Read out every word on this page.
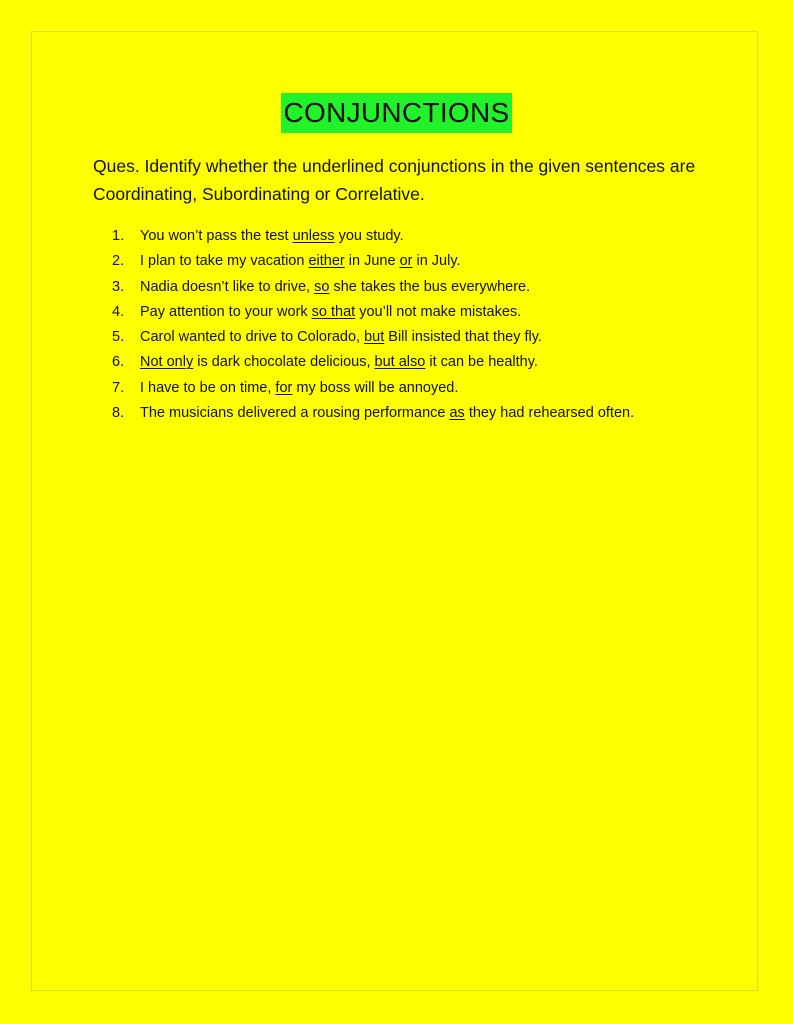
CONJUNCTIONS
Ques. Identify whether the underlined conjunctions in the given sentences are Coordinating, Subordinating or Correlative.
1. You won’t pass the test unless you study.
2. I plan to take my vacation either in June or in July.
3. Nadia doesn’t like to drive, so she takes the bus everywhere.
4. Pay attention to your work so that you’ll not make mistakes.
5. Carol wanted to drive to Colorado, but Bill insisted that they fly.
6. Not only is dark chocolate delicious, but also it can be healthy.
7. I have to be on time, for my boss will be annoyed.
8. The musicians delivered a rousing performance as they had rehearsed often.
